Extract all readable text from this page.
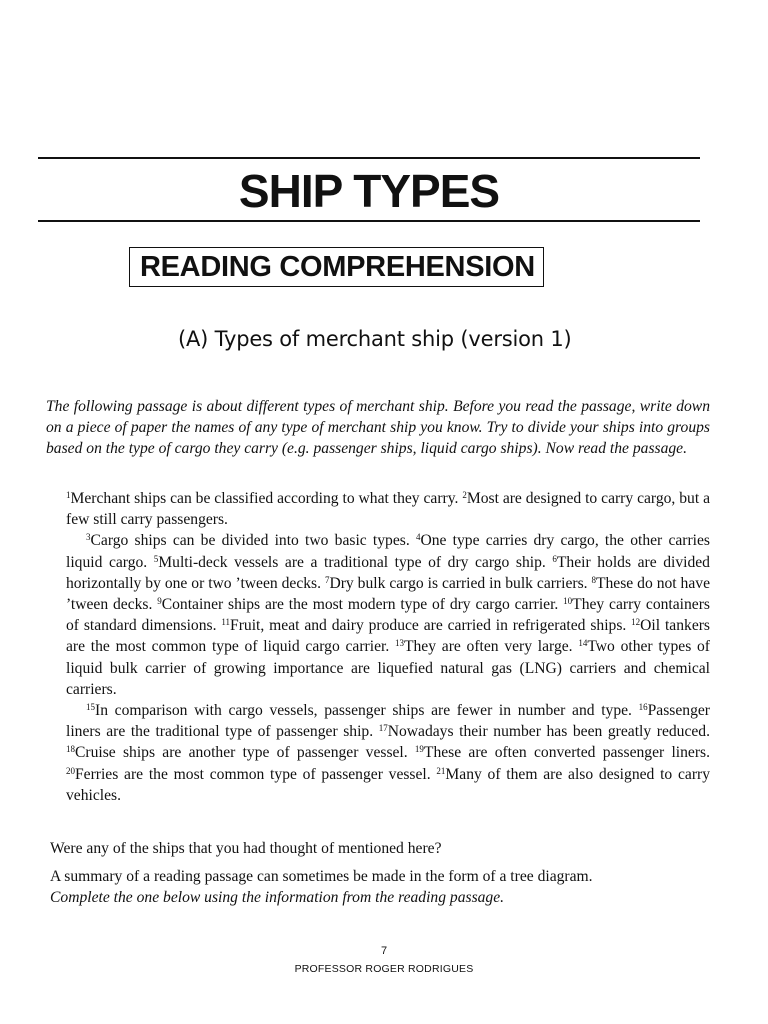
SHIP TYPES
READING COMPREHENSION
(A) Types of merchant ship (version 1)
The following passage is about different types of merchant ship. Before you read the passage, write down on a piece of paper the names of any type of merchant ship you know. Try to divide your ships into groups based on the type of cargo they carry (e.g. passenger ships, liquid cargo ships). Now read the passage.

$^1$Merchant ships can be classified according to what they carry. $^2$Most are designed to carry cargo, but a few still carry passengers.

$^3$Cargo ships can be divided into two basic types. $^4$One type carries dry cargo, the other carries liquid cargo. $^5$Multi-deck vessels are a traditional type of dry cargo ship. $^6$Their holds are divided horizontally by one or two ’tween decks. $^7$Dry bulk cargo is carried in bulk carriers. $^8$These do not have ’tween decks. $^9$Container ships are the most modern type of dry cargo carrier. $^{10}$They carry containers of standard dimensions. $^{11}$Fruit, meat and dairy produce are carried in refrigerated ships. $^{12}$Oil tankers are the most common type of liquid cargo carrier. $^{13}$They are often very large. $^{14}$Two other types of liquid bulk carrier of growing importance are liquefied natural gas (LNG) carriers and chemical carriers.

$^{15}$In comparison with cargo vessels, passenger ships are fewer in number and type. $^{16}$Passenger liners are the traditional type of passenger ship. $^{17}$Nowadays their number has been greatly reduced. $^{18}$Cruise ships are another type of passenger vessel. $^{19}$These are often converted passenger liners. $^{20}$Ferries are the most common type of passenger vessel. $^{21}$Many of them are also designed to carry vehicles.

Were any of the ships that you had thought of mentioned here?
A summary of a reading passage can sometimes be made in the form of a tree diagram.
Complete the one below using the information from the reading passage.
7
PROFESSOR ROGER RODRIGUES
